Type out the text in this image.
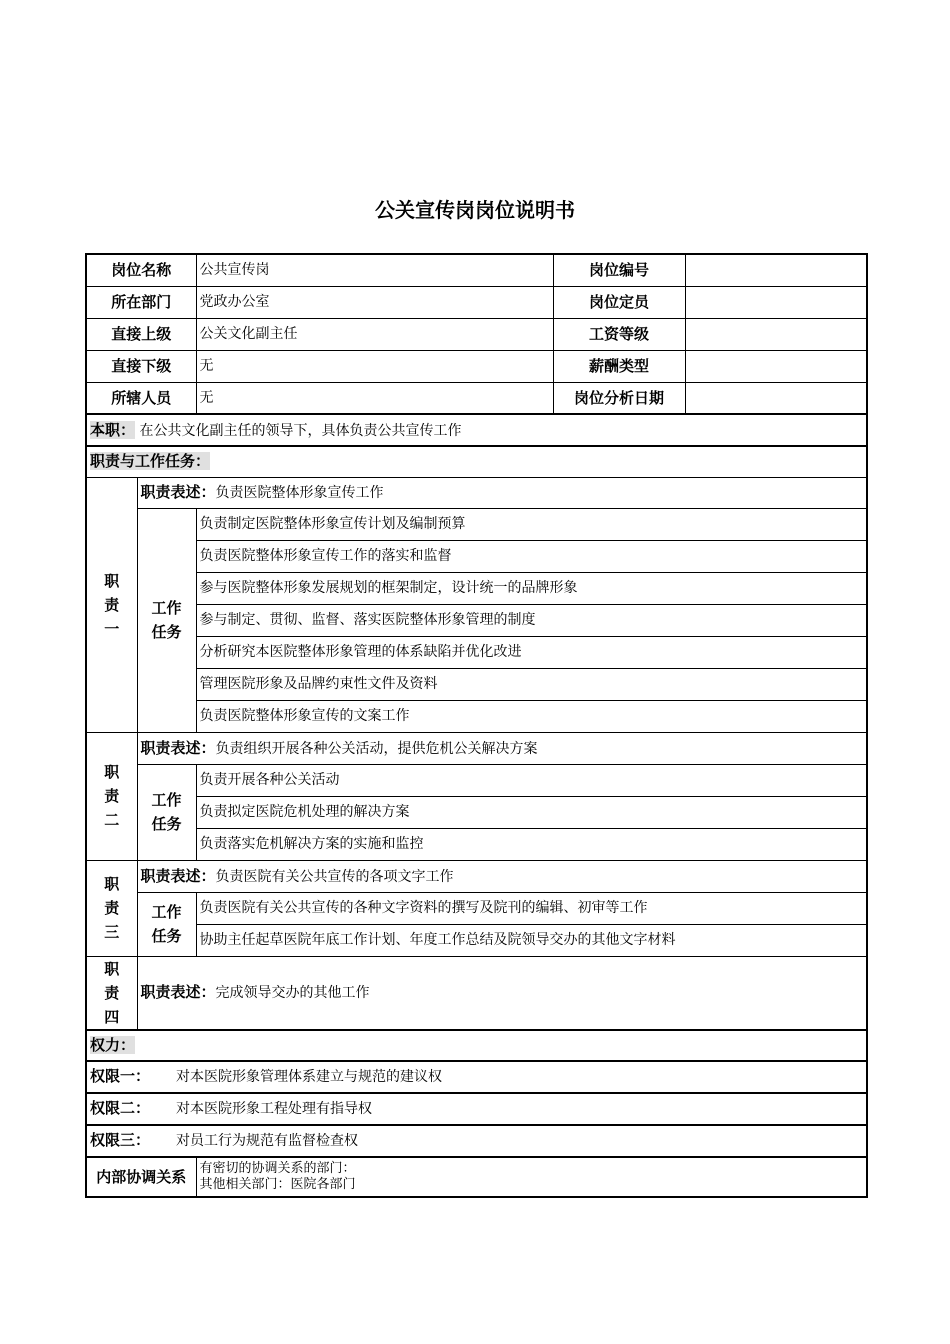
公关宣传岗岗位说明书
岗位名称		公共宣传岗	岗位编号	
所在部门		党政办公室	岗位定员	
直接上级		公关文化副主任	工资等级	
直接下级		无	薪酬类型	
所辖人员		无	岗位分析日期	
本职： 在公共文化副主任的领导下，具体负责公共宣传工作				
职责与工作任务：				
职
责
一	职责表述：负责医院整体形象宣传工作			
	工作
任务	负责制定医院整体形象宣传计划及编制预算		
		负责医院整体形象宣传工作的落实和监督		
		参与医院整体形象发展规划的框架制定，设计统一的品牌形象		
		参与制定、贯彻、监督、落实医院整体形象管理的制度		
		分析研究本医院整体形象管理的体系缺陷并优化改进		
		管理医院形象及品牌约束性文件及资料		
		负责医院整体形象宣传的文案工作		
职
责
二	职责表述：负责组织开展各种公关活动，提供危机公关解决方案			
	工作
任务	负责开展各种公关活动		
		负责拟定医院危机处理的解决方案		
		负责落实危机解决方案的实施和监控		
职
责
三	职责表述：负责医院有关公共宣传的各项文字工作			
	工作
任务	负责医院有关公共宣传的各种文字资料的撰写及院刊的编辑、初审等工作		
		协助主任起草医院年底工作计划、年度工作总结及院领导交办的其他文字材料		
职
责
四	职责表述：完成领导交办的其他工作			
权力：				
权限一： 对本医院形象管理体系建立与规范的建议权				
权限二： 对本医院形象工程处理有指导权				
权限三： 对员工行为规范有监督检查权				
内部协调关系		有密切的协调关系的部门：
其他相关部门：医院各部门		
